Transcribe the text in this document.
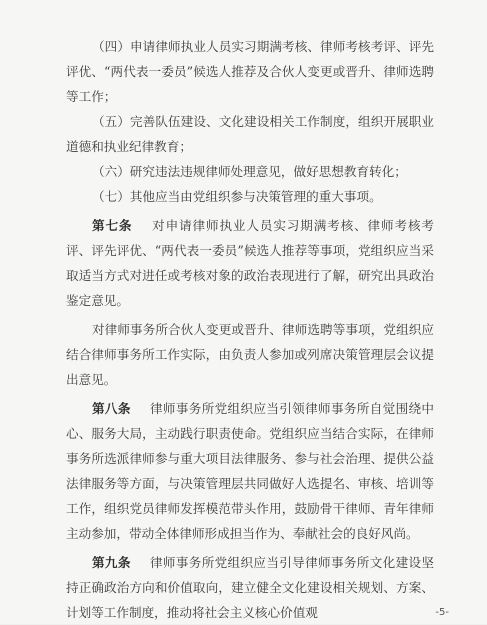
（四）申请律师执业人员实习期满考核、律师考核考评、评先评优、“两代表一委员”候选人推荐及合伙人变更或晋升、律师选聘等工作；

（五）完善队伍建设、文化建设相关工作制度，组织开展职业道德和执业纪律教育；

（六）研究违法违规律师处理意见，做好思想教育转化；

（七）其他应当由党组织参与决策管理的重大事项。

第七条   对申请律师执业人员实习期满考核、律师考核考评、评先评优、“两代表一委员”候选人推荐等事项，党组织应当采取适当方式对进任或考核对象的政治表现进行了解，研究出具政治鉴定意见。

对律师事务所合伙人变更或晋升、律师选聘等事项，党组织应结合律师事务所工作实际，由负责人参加或列席决策管理层会议提出意见。

第八条   律师事务所党组织应当引领律师事务所自觉围绕中心、服务大局，主动践行职责使命。党组织应当结合实际，在律师事务所选派律师参与重大项目法律服务、参与社会治理、提供公益法律服务等方面，与决策管理层共同做好人选提名、审核、培训等工作，组织党员律师发挥模范带头作用，鼓励骨干律师、青年律师主动参加，带动全体律师形成担当作为、奉献社会的良好风尚。

第九条   律师事务所党组织应当引导律师事务所文化建设坚持正确政治方向和价值取向，建立健全文化建设相关规划、方案、计划等工作制度，推动将社会主义核心价值观	-5-
